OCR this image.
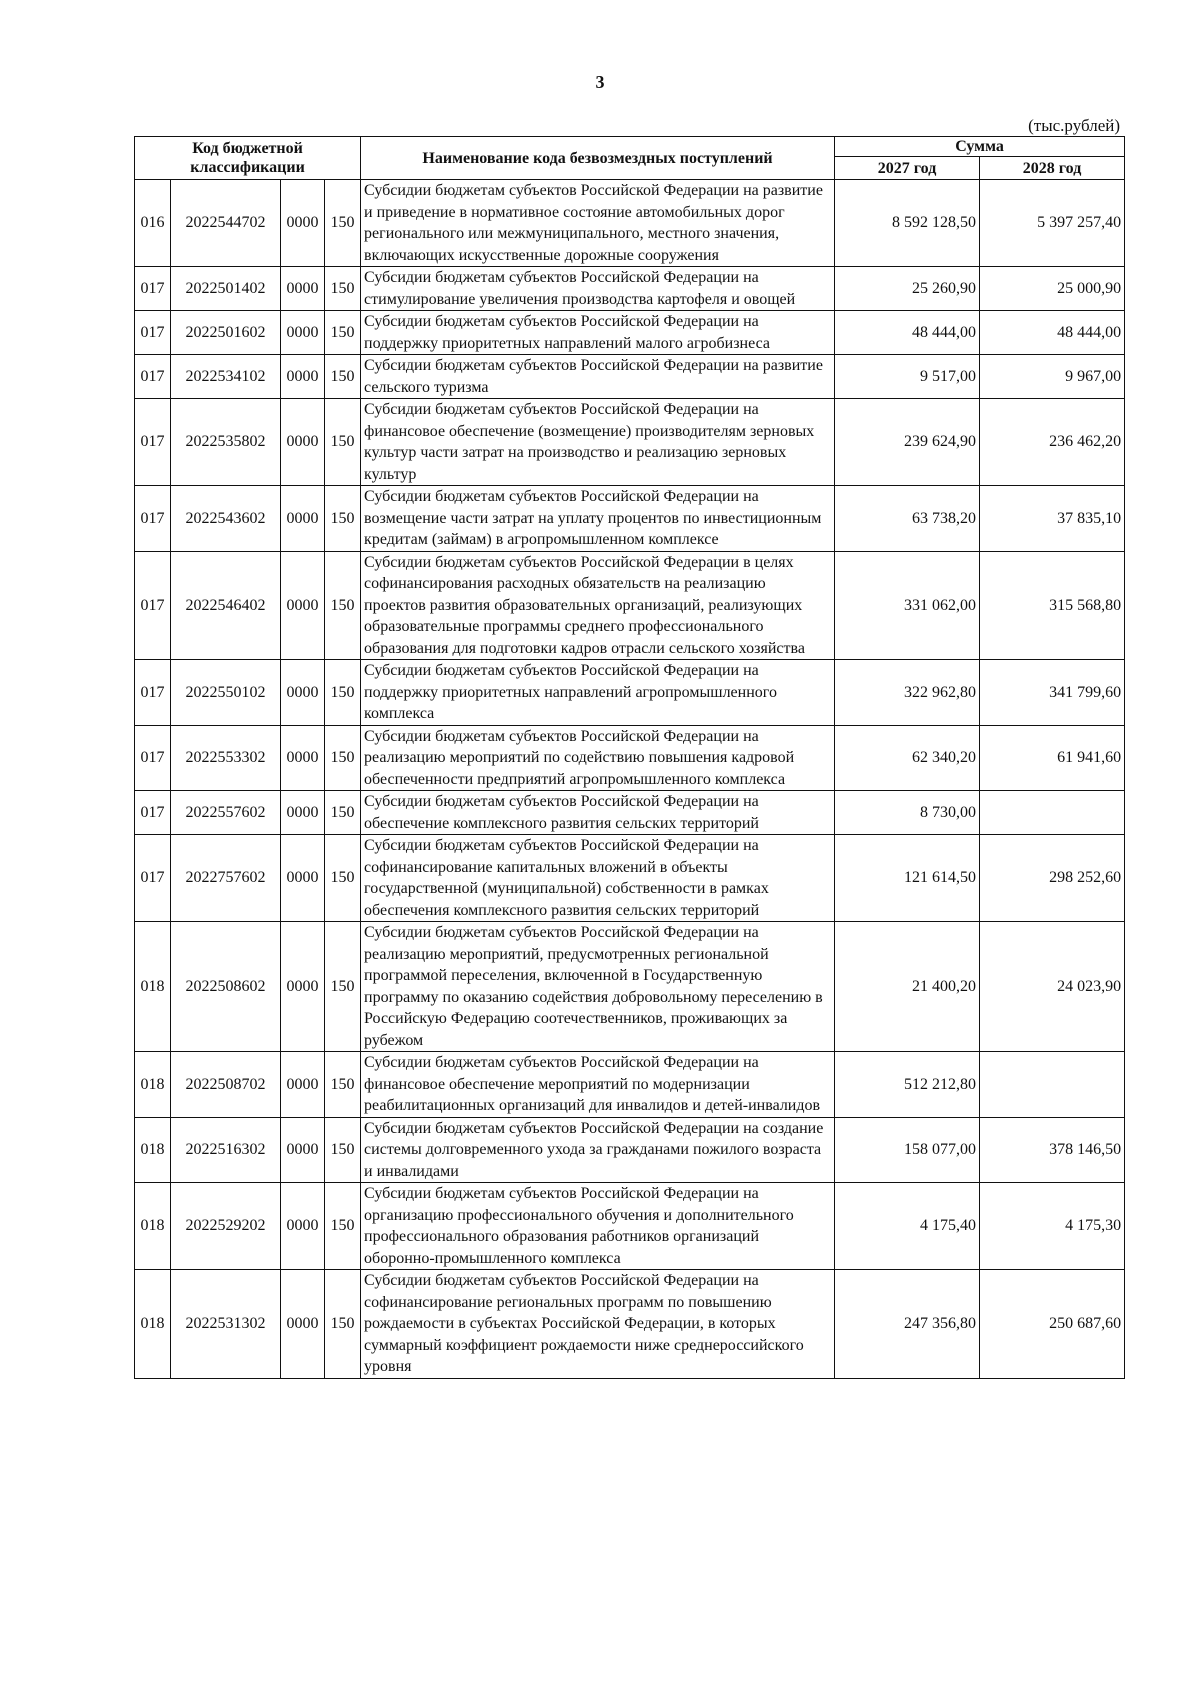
3
(тыс.рублей)
Код бюджетной классификации				Наименование кода безвозмездных поступлений	Сумма	
					2027 год	2028 год
016	2022544702	0000	150	Субсидии бюджетам субъектов Российской Федерации на развитие и приведение в нормативное состояние автомобильных дорог регионального или межмуниципального, местного значения, включающих искусственные дорожные сооружения	8 592 128,50	5 397 257,40
017	2022501402	0000	150	Субсидии бюджетам субъектов Российской Федерации на стимулирование увеличения производства картофеля и овощей	25 260,90	25 000,90
017	2022501602	0000	150	Субсидии бюджетам субъектов Российской Федерации на поддержку приоритетных направлений малого агробизнеса	48 444,00	48 444,00
017	2022534102	0000	150	Субсидии бюджетам субъектов Российской Федерации на развитие сельского туризма	9 517,00	9 967,00
017	2022535802	0000	150	Субсидии бюджетам субъектов Российской Федерации на финансовое обеспечение (возмещение) производителям зерновых культур части затрат на производство и реализацию зерновых культур	239 624,90	236 462,20
017	2022543602	0000	150	Субсидии бюджетам субъектов Российской Федерации на возмещение части затрат на уплату процентов по инвестиционным кредитам (займам) в агропромышленном комплексе	63 738,20	37 835,10
017	2022546402	0000	150	Субсидии бюджетам субъектов Российской Федерации в целях софинансирования расходных обязательств на реализацию проектов развития образовательных организаций, реализующих образовательные программы среднего профессионального образования для подготовки кадров отрасли сельского хозяйства	331 062,00	315 568,80
017	2022550102	0000	150	Субсидии бюджетам субъектов Российской Федерации на поддержку приоритетных направлений агропромышленного комплекса	322 962,80	341 799,60
017	2022553302	0000	150	Субсидии бюджетам субъектов Российской Федерации на реализацию мероприятий по содействию повышения кадровой обеспеченности предприятий агропромышленного комплекса	62 340,20	61 941,60
017	2022557602	0000	150	Субсидии бюджетам субъектов Российской Федерации на обеспечение комплексного развития сельских территорий	8 730,00	
017	2022757602	0000	150	Субсидии бюджетам субъектов Российской Федерации на софинансирование капитальных вложений в объекты государственной (муниципальной) собственности в рамках обеспечения комплексного развития сельских территорий	121 614,50	298 252,60
018	2022508602	0000	150	Субсидии бюджетам субъектов Российской Федерации на реализацию мероприятий, предусмотренных региональной программой переселения, включенной в Государственную программу по оказанию содействия добровольному переселению в Российскую Федерацию соотечественников, проживающих за рубежом	21 400,20	24 023,90
018	2022508702	0000	150	Субсидии бюджетам субъектов Российской Федерации на финансовое обеспечение мероприятий по модернизации реабилитационных организаций для инвалидов и детей-инвалидов	512 212,80	
018	2022516302	0000	150	Субсидии бюджетам субъектов Российской Федерации на создание системы долговременного ухода за гражданами пожилого возраста и инвалидами	158 077,00	378 146,50
018	2022529202	0000	150	Субсидии бюджетам субъектов Российской Федерации на организацию профессионального обучения и дополнительного профессионального образования работников организаций оборонно-промышленного комплекса	4 175,40	4 175,30
018	2022531302	0000	150	Субсидии бюджетам субъектов Российской Федерации на софинансирование региональных программ по повышению рождаемости в субъектах Российской Федерации, в которых суммарный коэффициент рождаемости ниже среднероссийского уровня	247 356,80	250 687,60
